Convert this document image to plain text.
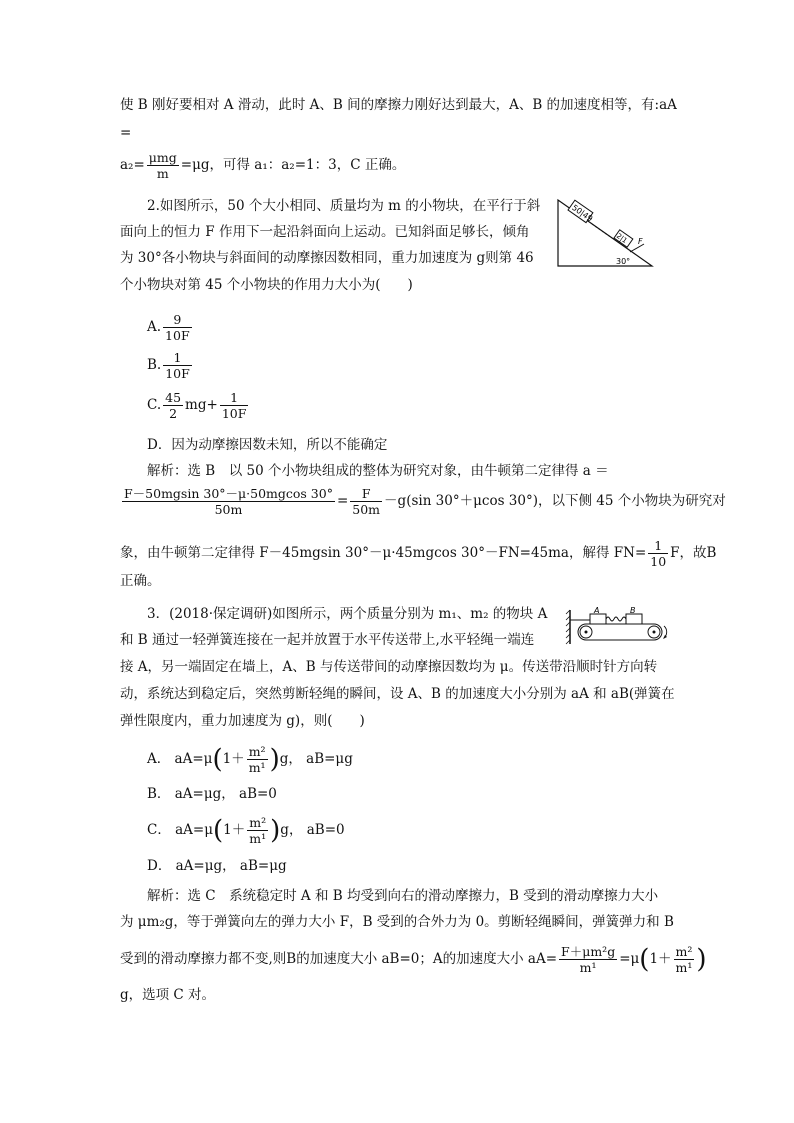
使 B 刚好要相对 A 滑动，此时 A、B 间的摩擦力刚好达到最大，A、B 的加速度相等，有:aA
=
$a_2= \frac{\text{μmg}}{m} =\mu g$，可得 a₁：a₂=1：3，C 正确。
2.如图所示，50 个大小相同、质量均为 m 的小物块，在平行于斜
面向上的恒力 F 作用下一起沿斜面向上运动。已知斜面足够长，倾角
为 30°各小物块与斜面间的动摩擦因数相同，重力加速度为 g则第 46
个小物块对第 45 个小物块的作用力大小为(　　)
50|49
2|1 F
30°
A. $\frac{9}{10F}$
B. $\frac{1}{10F}$
C. $\frac{45}{2} mg+ \frac{1}{10F}$
D．因为动摩擦因数未知，所以不能确定
解析：选 B　以 50 个小物块组成的整体为研究对象，由牛顿第二定律得 a ＝
$\frac{F-50mgsin 30^\circ-\mu\cdot 50mgcos 30^\circ}{50m} = \frac{F}{50m} -g(\sin$ 30°＋μcos 30°)，以下侧 45 个小物块为研究对
象，由牛顿第二定律得 F－45mgsin 30°－μ·45mgcos 30°－FN=45ma，解得 $FN= \frac{1}{10}$ F，故B
正确。
3．(2018·保定调研)如图所示，两个质量分别为 m₁、m₂ 的物块 A
和 B 通过一轻弹簧连接在一起并放置于水平传送带上,水平轻绳一端连
接 A，另一端固定在墙上，A、B 与传送带间的动摩擦因数均为 μ。传送带沿顺时针方向转
动，系统达到稳定后，突然剪断轻绳的瞬间，设 A、B 的加速度大小分别为 aA 和 aB(弹簧在
弹性限度内，重力加速度为 g)，则(　　)
A	B
A． $aA=\mu(1+ \frac{\text{m²}}{\text{m¹}} )g$， aB=μg
B． aA=μg， aB=0
C． $aA=\mu(1+ \frac{\text{m²}}{\text{m¹}} )g$， aB=0
D． aA=μg， aB=μg
解析：选 C　系统稳定时 A 和 B 均受到向右的滑动摩擦力，B 受到的滑动摩擦力大小
为 μm₂g，等于弹簧向左的弹力大小 F，B 受到的合外力为 0。剪断轻绳瞬间，弹簧弹力和 B
受到的滑动摩擦力都不变,则B的加速度大小 aB=0；A的加速度大小 $aA= \frac{\text{F＋μm²g}}{\text{m¹}} =\mu(1+ \frac{\text{m²}}{\text{m¹}}$ )
g，选项 C 对。
